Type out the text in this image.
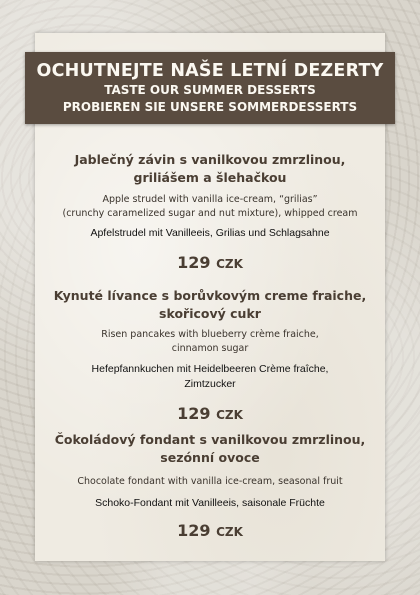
OCHUTNEJTE NAŠE LETNÍ DEZERTY
TASTE OUR SUMMER DESSERTS
PROBIEREN SIE UNSERE SOMMERDESSERTS
Jablečný závin s vanilkovou zmrzlinou,
griliášem a šlehačkou
Apple strudel with vanilla ice-cream, “grilias”
(crunchy caramelized sugar and nut mixture), whipped cream
Apfelstrudel mit Vanilleeis, Grilias und Schlagsahne
129 CZK
Kynuté lívance s borůvkovým creme fraiche,
skořicový cukr
Risen pancakes with blueberry crème fraiche,
cinnamon sugar
Hefepfannkuchen mit Heidelbeeren Crème fraîche,
Zimtzucker
129 CZK
Čokoládový fondant s vanilkovou zmrzlinou,
sezónní ovoce
Chocolate fondant with vanilla ice-cream, seasonal fruit
Schoko-Fondant mit Vanilleeis, saisonale Früchte
129 CZK
